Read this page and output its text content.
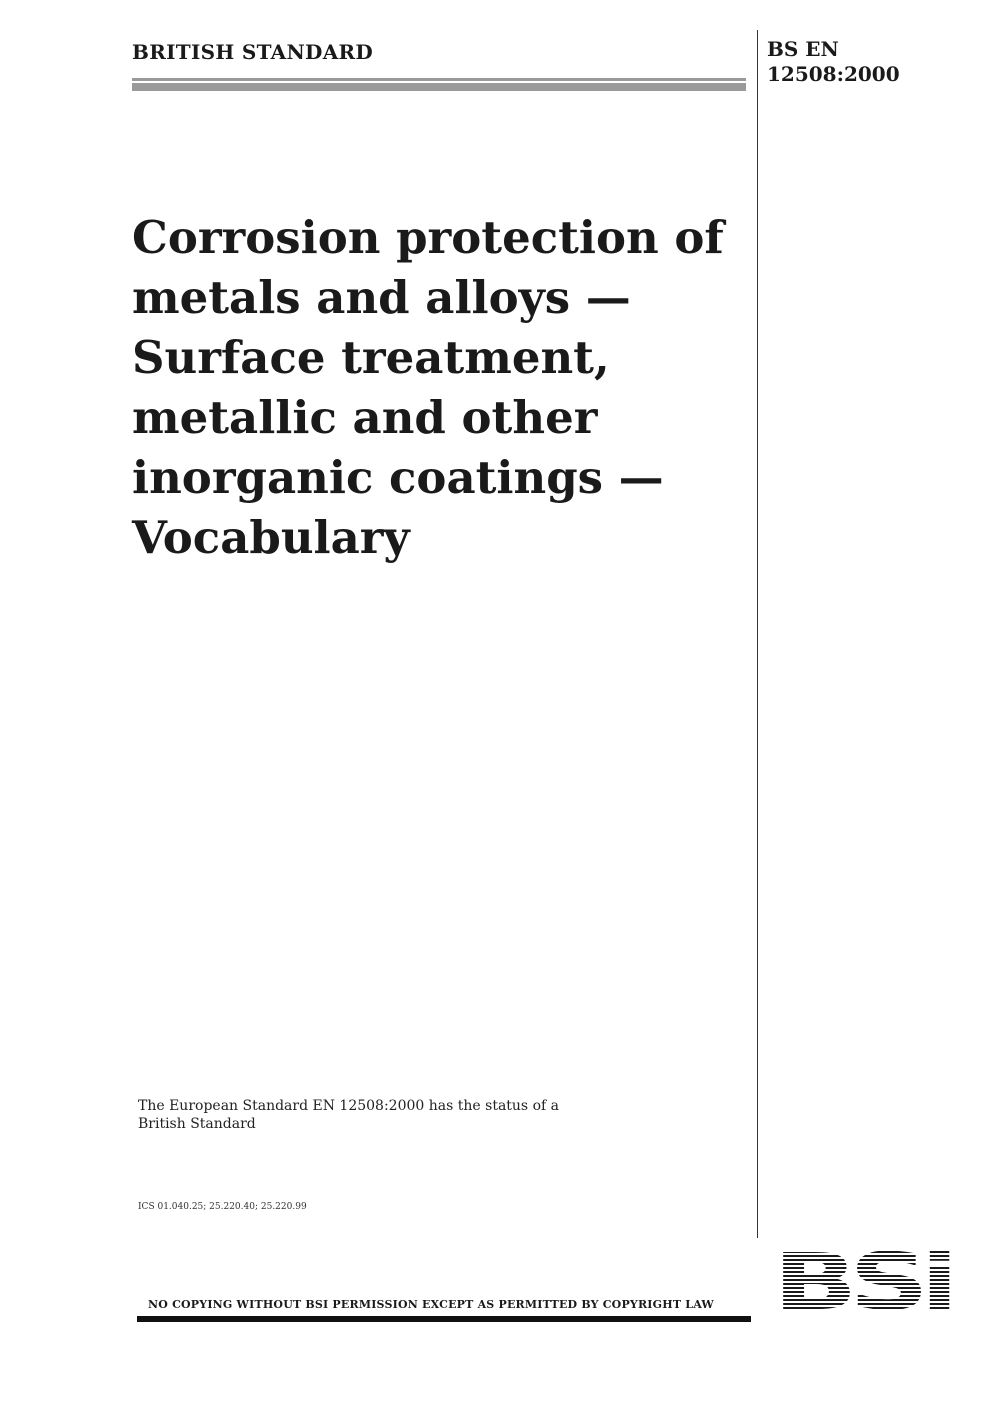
BRITISH STANDARD	BS EN
12508:2000
Corrosion protection of
metals and alloys —
Surface treatment,
metallic and other
inorganic coatings —
Vocabulary
The European Standard EN 12508:2000 has the status of a
British Standard
ICS 01.040.25; 25.220.40; 25.220.99
NO COPYING WITHOUT BSI PERMISSION EXCEPT AS PERMITTED BY COPYRIGHT LAW BSi
